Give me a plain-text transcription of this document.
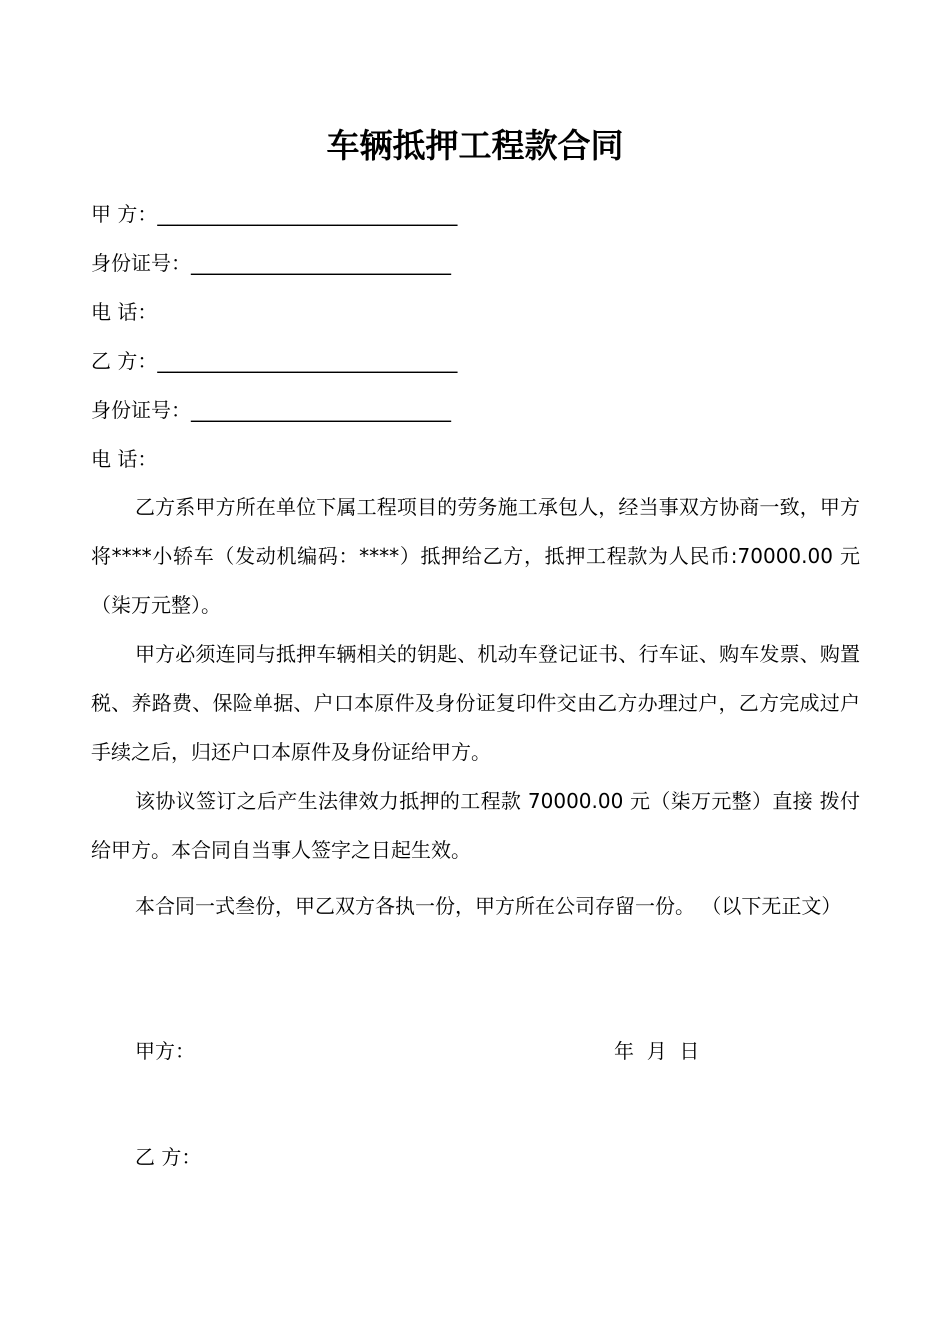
车辆抵押工程款合同
甲 方：______________________________
身份证号：__________________________
电 话：
乙 方：______________________________
身份证号：__________________________
电 话：
乙方系甲方所在单位下属工程项目的劳务施工承包人，经当事双方协商一致，甲方将****小轿车（发动机编码：****）抵押给乙方，抵押工程款为人民币:70000.00 元（柒万元整）。
甲方必须连同与抵押车辆相关的钥匙、机动车登记证书、行车证、购车发票、购置税、养路费、保险单据、户口本原件及身份证复印件交由乙方办理过户，乙方完成过户手续之后，归还户口本原件及身份证给甲方。
该协议签订之后产生法律效力抵押的工程款 70000.00 元（柒万元整）直接 拨付给甲方。本合同自当事人签字之日起生效。
本合同一式叁份，甲乙双方各执一份，甲方所在公司存留一份。 （以下无正文）
甲方：	年  月  日
乙 方：
